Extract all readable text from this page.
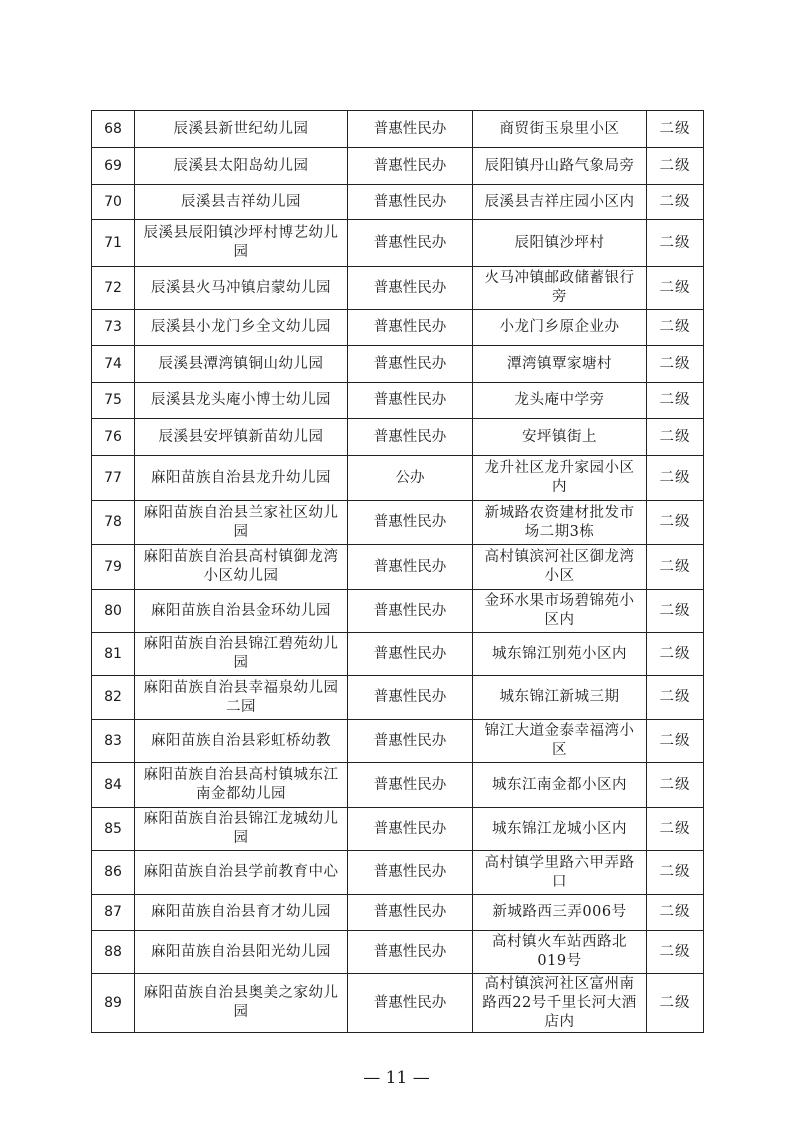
68	辰溪县新世纪幼儿园	普惠性民办	商贸街玉泉里小区	二级
69	辰溪县太阳岛幼儿园	普惠性民办	辰阳镇丹山路气象局旁	二级
70	辰溪县吉祥幼儿园	普惠性民办	辰溪县吉祥庄园小区内	二级
71	辰溪县辰阳镇沙坪村博艺幼儿园	普惠性民办	辰阳镇沙坪村	二级
72	辰溪县火马冲镇启蒙幼儿园	普惠性民办	火马冲镇邮政储蓄银行旁	二级
73	辰溪县小龙门乡全文幼儿园	普惠性民办	小龙门乡原企业办	二级
74	辰溪县潭湾镇铜山幼儿园	普惠性民办	潭湾镇覃家塘村	二级
75	辰溪县龙头庵小博士幼儿园	普惠性民办	龙头庵中学旁	二级
76	辰溪县安坪镇新苗幼儿园	普惠性民办	安坪镇街上	二级
77	麻阳苗族自治县龙升幼儿园	公办	龙升社区龙升家园小区内	二级
78	麻阳苗族自治县兰家社区幼儿园	普惠性民办	新城路农资建材批发市场二期3栋	二级
79	麻阳苗族自治县高村镇御龙湾小区幼儿园	普惠性民办	高村镇滨河社区御龙湾小区	二级
80	麻阳苗族自治县金环幼儿园	普惠性民办	金环水果市场碧锦苑小区内	二级
81	麻阳苗族自治县锦江碧苑幼儿园	普惠性民办	城东锦江别苑小区内	二级
82	麻阳苗族自治县幸福泉幼儿园二园	普惠性民办	城东锦江新城三期	二级
83	麻阳苗族自治县彩虹桥幼教	普惠性民办	锦江大道金泰幸福湾小区	二级
84	麻阳苗族自治县高村镇城东江南金都幼儿园	普惠性民办	城东江南金都小区内	二级
85	麻阳苗族自治县锦江龙城幼儿园	普惠性民办	城东锦江龙城小区内	二级
86	麻阳苗族自治县学前教育中心	普惠性民办	高村镇学里路六甲弄路口	二级
87	麻阳苗族自治县育才幼儿园	普惠性民办	新城路西三弄006号	二级
88	麻阳苗族自治县阳光幼儿园	普惠性民办	高村镇火车站西路北019号	二级
89	麻阳苗族自治县奥美之家幼儿园	普惠性民办	高村镇滨河社区富州南路西22号千里长河大酒店内	二级
— 11 —
